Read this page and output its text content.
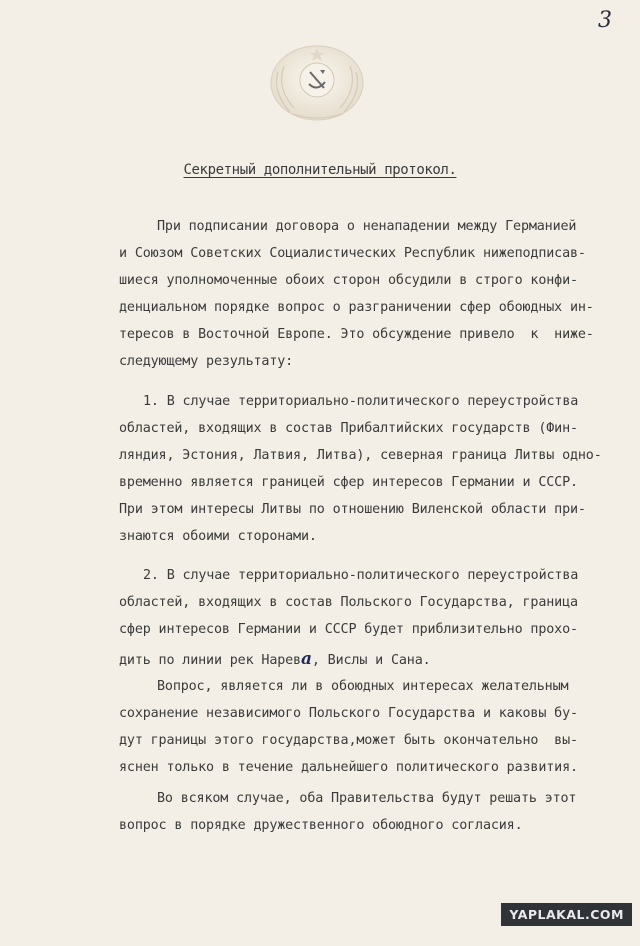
3
Секретный дополнительный протокол.
При подписании договора о ненападении между Германией
и Союзом Советских Социалистических Республик нижеподписав-
шиеся уполномоченные обоих сторон обсудили в строго конфи-
денциальном порядке вопрос о разграничении сфер обоюдных ин-
тересов в Восточной Европе. Это обсуждение привело  к  ниже-
следующему результату:
1. В случае территориально-политического переустройства
областей, входящих в состав Прибалтийских государств (Фин-
ляндия, Эстония, Латвия, Литва), северная граница Литвы одно-
временно является границей сфер интересов Германии и СССР.
При этом интересы Литвы по отношению Виленской области при-
знаются обоими сторонами.
2. В случае территориально-политического переустройства
областей, входящих в состав Польского Государства, граница
сфер интересов Германии и СССР будет приблизительно прохо-
дить по линии рек Нарева, Вислы и Сана.
Вопрос, является ли в обоюдных интересах желательным
сохранение независимого Польского Государства и каковы бу-
дут границы этого государства,может быть окончательно  вы-
яснен только в течение дальнейшего политического развития.
Во всяком случае, оба Правительства будут решать этот
вопрос в порядке дружественного обоюдного согласия.
YAPLAKAL.COM
